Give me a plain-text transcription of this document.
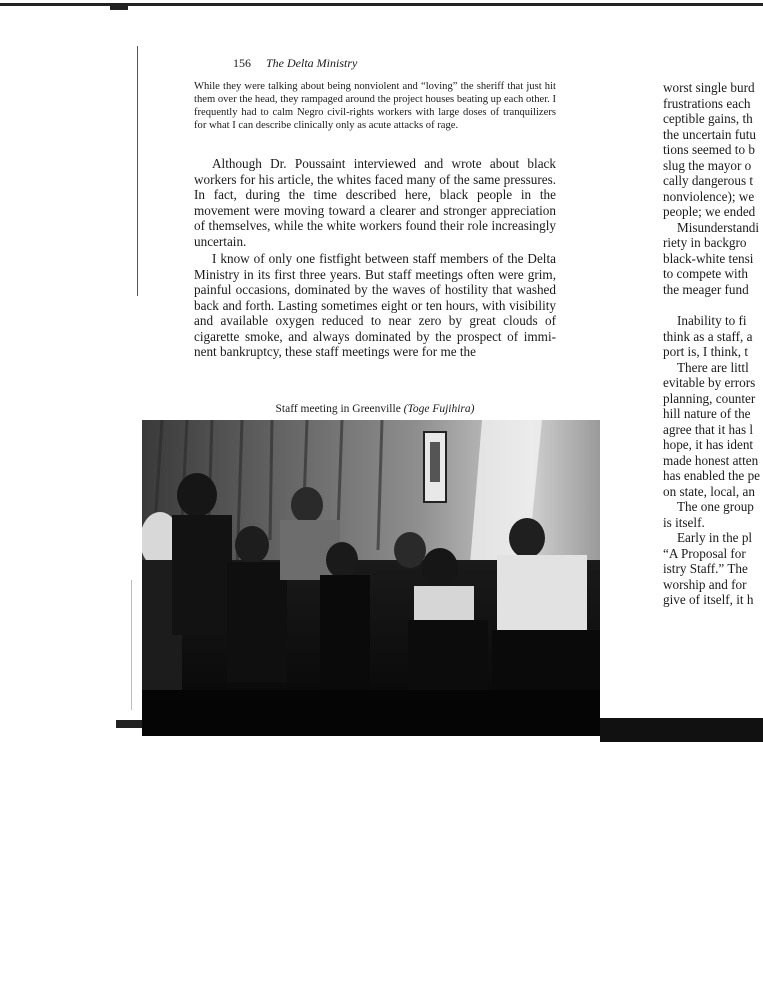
156 The Delta Ministry

While they were talking about being nonviolent and “loving” the sheriff that just hit them over the head, they rampaged around the project houses beating up each other. I frequently had to calm Negro civil-rights workers with large doses of tranquilizers for what I can describe clinically only as acute attacks of rage.

Although Dr. Poussaint interviewed and wrote about black workers for his article, the whites faced many of the same pressures. In fact, during the time described here, black people in the movement were moving toward a clearer and stronger appreciation of themselves, while the white workers found their role increasingly uncertain.

I know of only one fistfight between staff members of the Delta Ministry in its first three years. But staff meetings often were grim, painful occasions, dominated by the waves of hostility that washed back and forth. Lasting sometimes eight or ten hours, with visibility and available oxygen reduced to near zero by great clouds of cigarette smoke, and always dominated by the prospect of immi- nent bankruptcy, these staff meetings were for me the

Staff meeting in Greenville (Toge Fujihira)
worst single burd
frustrations each
ceptible gains, th
the uncertain futu
tions seemed to b
slug the mayor o
cally dangerous t
nonviolence); we
people; we ended
Misunderstandi
riety in backgro
black-white tensi
to compete with
the meager fund
Inability to fi
think as a staff, a
port is, I think, t
There are littl
evitable by errors
planning, counter
hill nature of the
agree that it has l
hope, it has ident
made honest atten
has enabled the pe
on state, local, an
The one group
is itself.
Early in the pl
“A Proposal for
istry Staff.” The
worship and for
give of itself, it h
